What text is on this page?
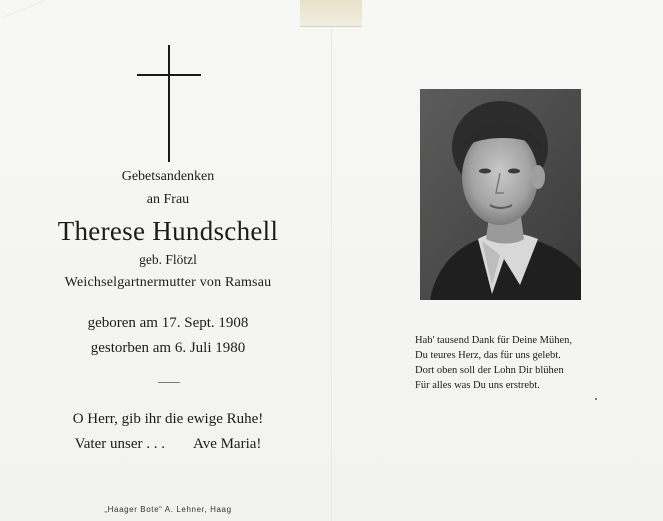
Gebetsandenken
an Frau
Therese Hundschell
geb. Flötzl
Weichselgartnermutter von Ramsau
geboren am 17. Sept. 1908
gestorben am 6. Juli 1980
O Herr, gib ihr die ewige Ruhe!
Vater unser . . . Ave Maria!
„Haager Bote“ A. Lehner, Haag
Hab' tausend Dank für Deine Mühen,
Du teures Herz, das für uns gelebt.
Dort oben soll der Lohn Dir blühen
Für alles was Du uns erstrebt.
